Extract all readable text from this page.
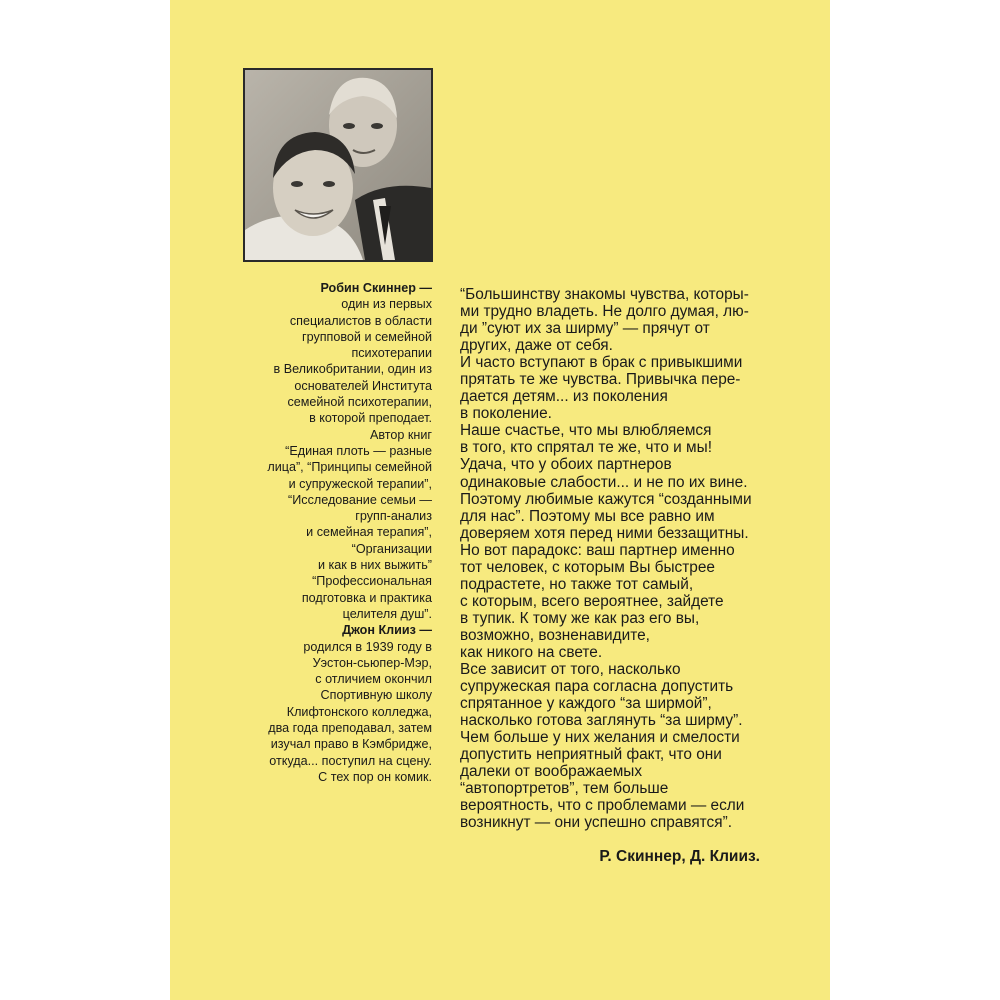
Робин Скиннер —
один из первых
специалистов в области
групповой и семейной
психотерапии
в Великобритании, один из
основателей Института
семейной психотерапии,
в которой преподает.
Автор книг
“Единая плоть — разные
лица”, “Принципы семейной
и супружеской терапии”,
“Исследование семьи —
групп-анализ
и семейная терапия”,
“Организации
и как в них выжить”
“Профессиональная
подготовка и практика
целителя душ”.
Джон Клииз —
родился в 1939 году в
Уэстон-сьюпер-Мэр,
с отличием окончил
Спортивную школу
Клифтонского колледжа,
два года преподавал, затем
изучал право в Кэмбридже,
откуда... поступил на сцену.
С тех пор он комик.
“Большинству знакомы чувства, которы-
ми трудно владеть. Не долго думая, лю-
ди ”суют их за ширму” — прячут от
других, даже от себя.
И часто вступают в брак с привыкшими
прятать те же чувства. Привычка пере-
дается детям... из поколения
в поколение.
Наше счастье, что мы влюбляемся
в того, кто спрятал те же, что и мы!
Удача, что у обоих партнеров
одинаковые слабости... и не по их вине.
Поэтому любимые кажутся “созданными
для нас”. Поэтому мы все равно им
доверяем хотя перед ними беззащитны.
Но вот парадокс: ваш партнер именно
тот человек, с которым Вы быстрее
подрастете, но также тот самый,
с которым, всего вероятнее, зайдете
в тупик. К тому же как раз его вы,
возможно, возненавидите,
как никого на свете.
Все зависит от того, насколько
супружеская пара согласна допустить
спрятанное у каждого “за ширмой”,
насколько готова заглянуть “за ширму”.
Чем больше у них желания и смелости
допустить неприятный факт, что они
далеки от воображаемых
“автопортретов”, тем больше
вероятность, что с проблемами — если
возникнут — они успешно справятся”.
Р. Скиннер, Д. Клииз.
